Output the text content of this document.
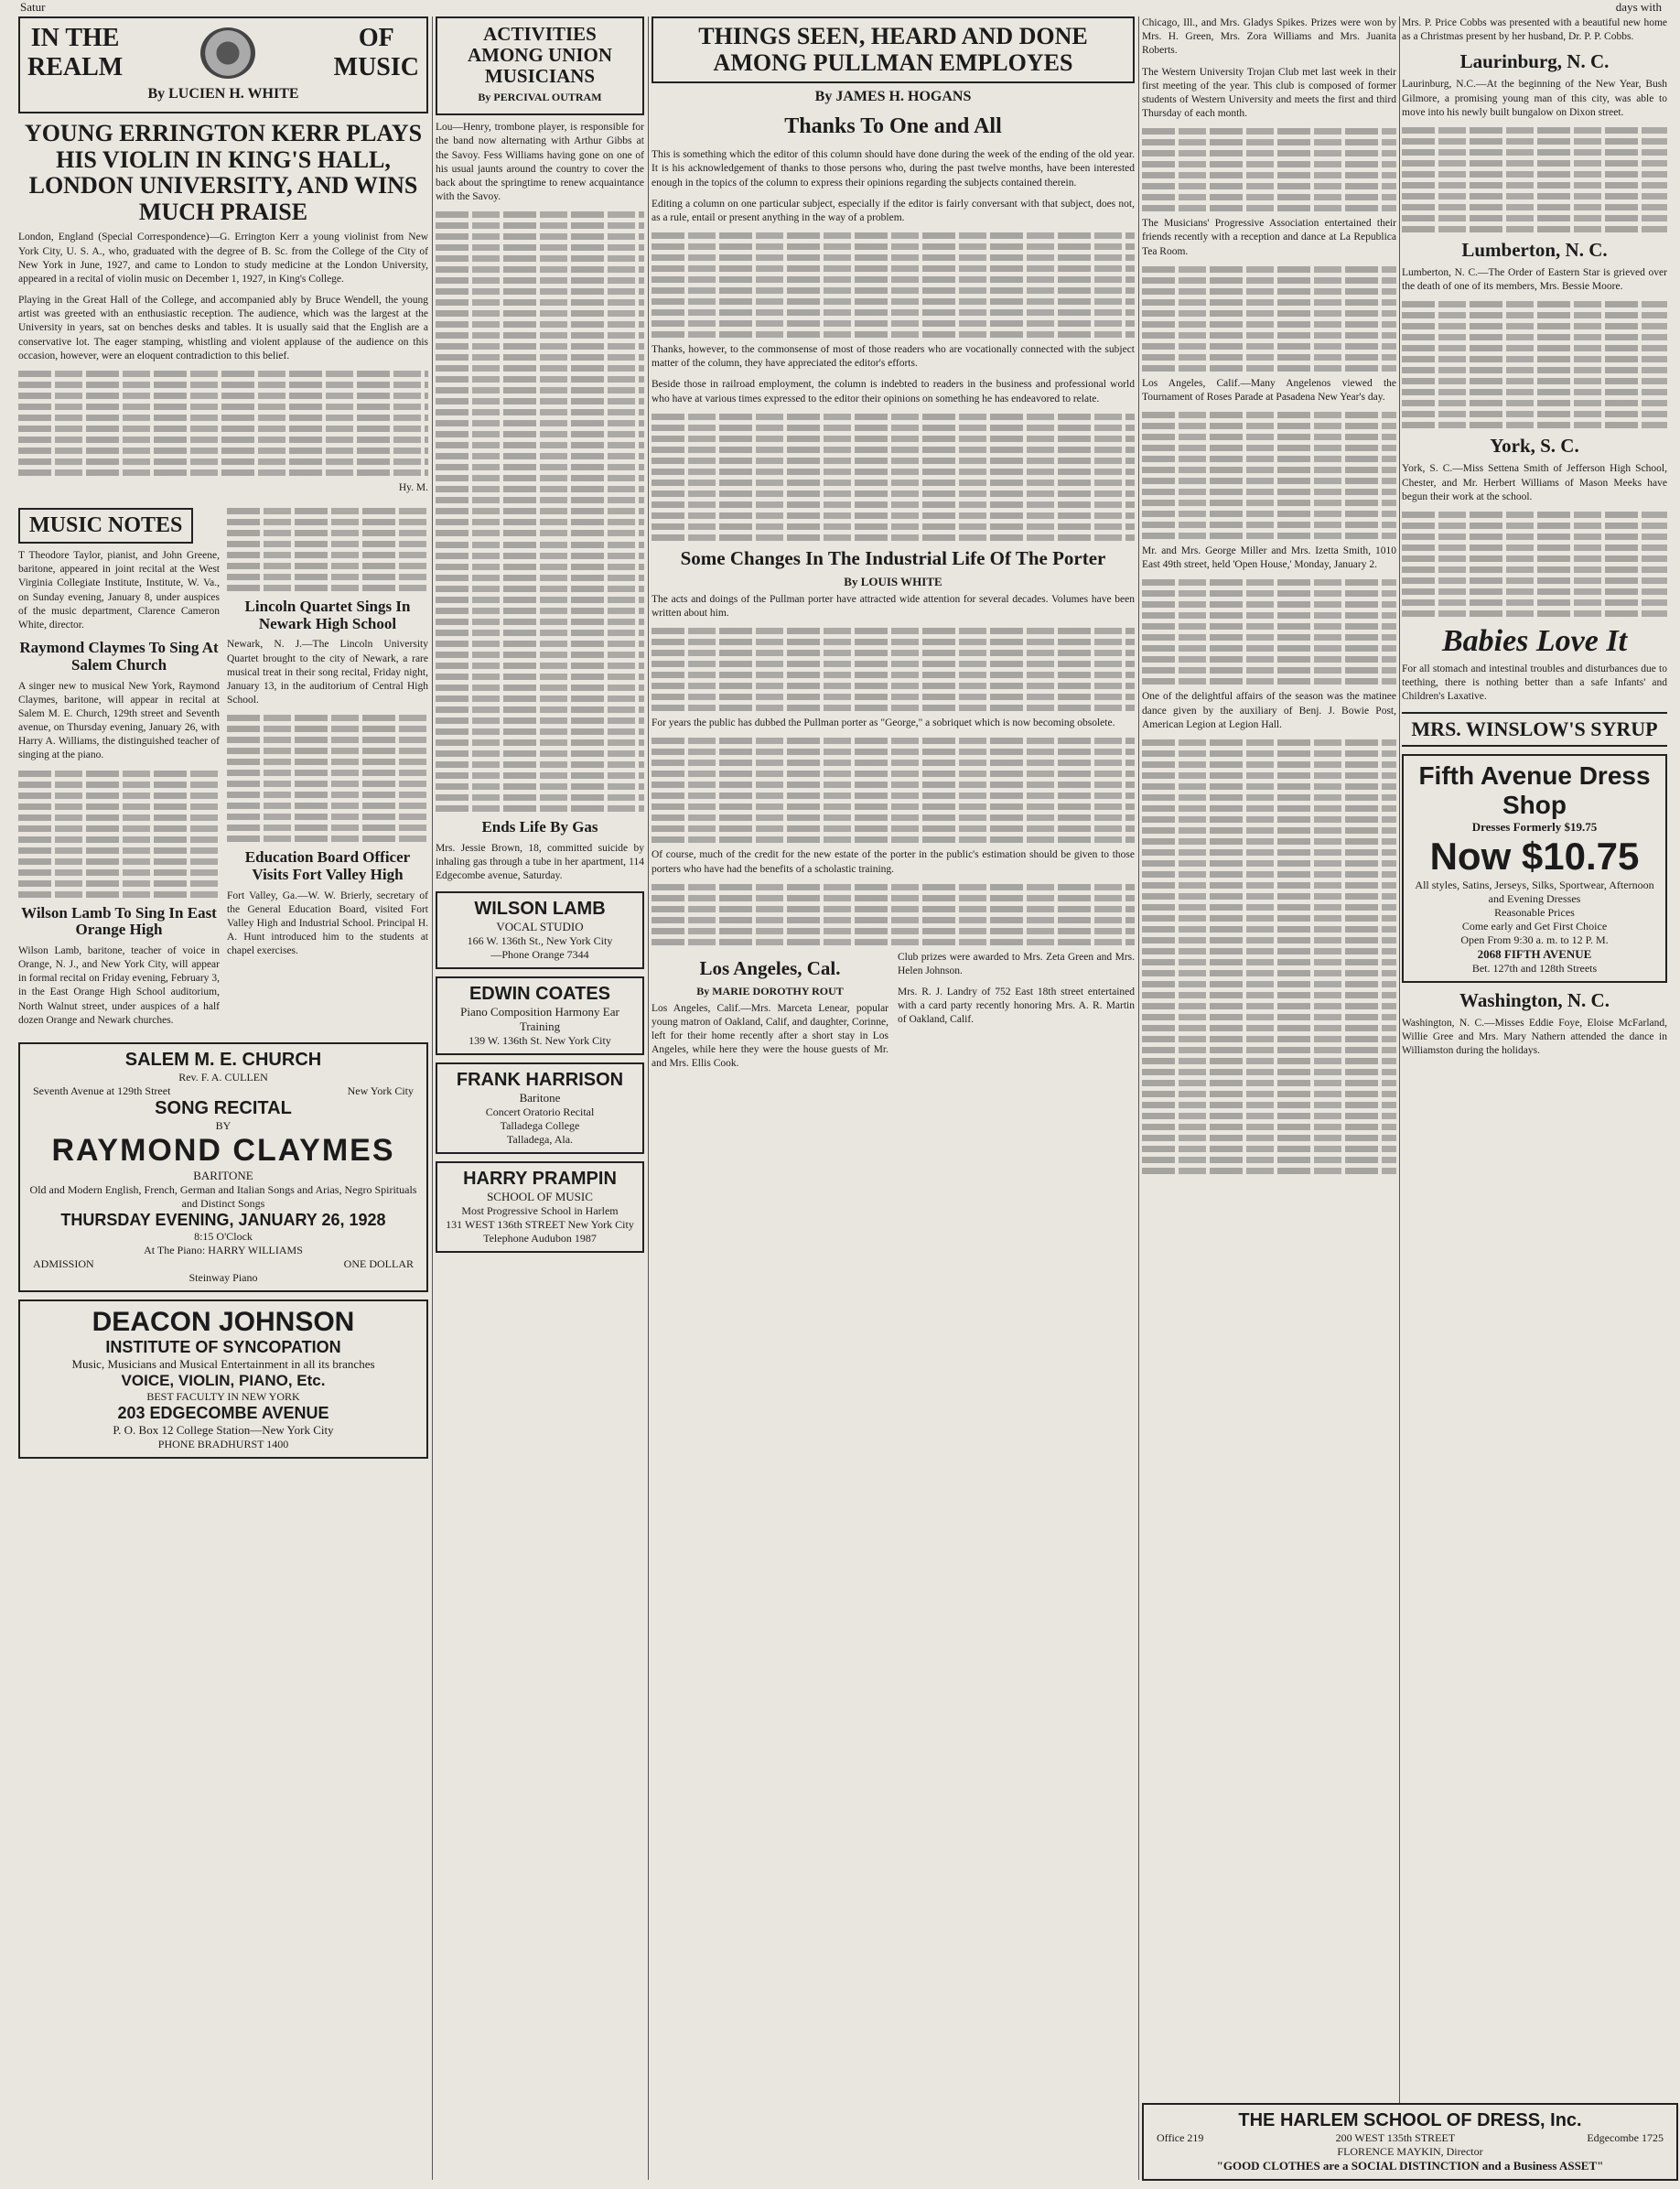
IN THE
REALM
OF
MUSIC
By LUCIEN H. WHITE
YOUNG ERRINGTON KERR PLAYS HIS VIOLIN IN KING'S HALL, LONDON UNIVERSITY, AND WINS MUCH PRAISE

London, England (Special Correspondence)—G. Errington Kerr a young violinist from New York City, U. S. A., who, graduated with the degree of B. Sc. from the College of the City of New York in June, 1927, and came to London to study medicine at the London University, appeared in a recital of violin music on December 1, 1927, in King's College.

Playing in the Great Hall of the College, and accompanied ably by Bruce Wendell, the young artist was greeted with an enthusiastic reception. The audience, which was the largest at the University in years, sat on benches desks and tables. It is usually said that the English are a conservative lot. The eager stamping, whistling and violent applause of the audience on this occasion, however, were an eloquent contradiction to this belief.

Hy. M.
MUSIC NOTES

T Theodore Taylor, pianist, and John Greene, baritone, appeared in joint recital at the West Virginia Collegiate Institute, Institute, W. Va., on Sunday evening, January 8, under auspices of the music department, Clarence Cameron White, director.

Raymond Claymes To Sing At Salem Church

A singer new to musical New York, Raymond Claymes, baritone, will appear in recital at Salem M. E. Church, 129th street and Seventh avenue, on Thursday evening, January 26, with Harry A. Williams, the distinguished teacher of singing at the piano.

Wilson Lamb To Sing In East Orange High

Wilson Lamb, baritone, teacher of voice in Orange, N. J., and New York City, will appear in formal recital on Friday evening, February 3, in the East Orange High School auditorium, North Walnut street, under auspices of a half dozen Orange and Newark churches.

Lincoln Quartet Sings In Newark High School

Newark, N. J.—The Lincoln University Quartet brought to the city of Newark, a rare musical treat in their song recital, Friday night, January 13, in the auditorium of Central High School.

Education Board Officer Visits Fort Valley High

Fort Valley, Ga.—W. W. Brierly, secretary of the General Education Board, visited Fort Valley High and Industrial School. Principal H. A. Hunt introduced him to the students at chapel exercises.

SALEM M. E. CHURCH
Rev. F. A. CULLEN
Seventh Avenue at 129th Street	New York City
SONG RECITAL
BY
RAYMOND CLAYMES
BARITONE
Old and Modern English, French, German and Italian Songs and Arias, Negro Spirituals and Distinct Songs
THURSDAY EVENING, JANUARY 26, 1928
8:15 O'Clock
At The Piano: HARRY WILLIAMS
ADMISSION	ONE DOLLAR
Steinway Piano
DEACON JOHNSON
INSTITUTE OF SYNCOPATION
Music, Musicians and Musical Entertainment in all its branches
VOICE, VIOLIN, PIANO, Etc.
BEST FACULTY IN NEW YORK
203 EDGECOMBE AVENUE
P. O. Box 12 College Station—New York City
PHONE BRADHURST 1400
ACTIVITIES AMONG UNION MUSICIANS
By PERCIVAL OUTRAM

Lou—Henry, trombone player, is responsible for the band now alternating with Arthur Gibbs at the Savoy. Fess Williams having gone on one of his usual jaunts around the country to cover the back about the springtime to renew acquaintance with the Savoy.

Ends Life By Gas

Mrs. Jessie Brown, 18, committed suicide by inhaling gas through a tube in her apartment, 114 Edgecombe avenue, Saturday.

WILSON LAMB
VOCAL STUDIO
166 W. 136th St., New York City
—Phone Orange 7344
EDWIN COATES
Piano Composition Harmony Ear Training
139 W. 136th St. New York City
FRANK HARRISON
Baritone
Concert Oratorio Recital
Talladega College
Talladega, Ala.
HARRY PRAMPIN
SCHOOL OF MUSIC
Most Progressive School in Harlem
131 WEST 136th STREET New York City
Telephone Audubon 1987
THINGS SEEN, HEARD AND DONE AMONG PULLMAN EMPLOYES
By JAMES H. HOGANS
Thanks To One and All

This is something which the editor of this column should have done during the week of the ending of the old year. It is his acknowledgement of thanks to those persons who, during the past twelve months, have been interested enough in the topics of the column to express their opinions regarding the subjects contained therein.

Editing a column on one particular subject, especially if the editor is fairly conversant with that subject, does not, as a rule, entail or present anything in the way of a problem.

Thanks, however, to the commonsense of most of those readers who are vocationally connected with the subject matter of the column, they have appreciated the editor's efforts.

Beside those in railroad employment, the column is indebted to readers in the business and professional world who have at various times expressed to the editor their opinions on something he has endeavored to relate.

Some Changes In The Industrial Life Of The Porter
By LOUIS WHITE

The acts and doings of the Pullman porter have attracted wide attention for several decades. Volumes have been written about him.

For years the public has dubbed the Pullman porter as "George," a sobriquet which is now becoming obsolete.

Of course, much of the credit for the new estate of the porter in the public's estimation should be given to those porters who have had the benefits of a scholastic training.

Los Angeles, Cal.
By MARIE DOROTHY ROUT

Los Angeles, Calif.—Mrs. Marceta Lenear, popular young matron of Oakland, Calif, and daughter, Corinne, left for their home recently after a short stay in Los Angeles, while here they were the house guests of Mr. and Mrs. Ellis Cook.

Club prizes were awarded to Mrs. Zeta Green and Mrs. Helen Johnson.

Mrs. R. J. Landry of 752 East 18th street entertained with a card party recently honoring Mrs. A. R. Martin of Oakland, Calif.

Chicago, Ill., and Mrs. Gladys Spikes. Prizes were won by Mrs. H. Green, Mrs. Zora Williams and Mrs. Juanita Roberts.

The Western University Trojan Club met last week in their first meeting of the year. This club is composed of former students of Western University and meets the first and third Thursday of each month.

The Musicians' Progressive Association entertained their friends recently with a reception and dance at La Republica Tea Room.

Los Angeles, Calif.—Many Angelenos viewed the Tournament of Roses Parade at Pasadena New Year's day.

Mr. and Mrs. George Miller and Mrs. Izetta Smith, 1010 East 49th street, held 'Open House,' Monday, January 2.

One of the delightful affairs of the season was the matinee dance given by the auxiliary of Benj. J. Bowie Post, American Legion at Legion Hall.

Mrs. P. Price Cobbs was presented with a beautiful new home as a Christmas present by her husband, Dr. P. P. Cobbs.

Laurinburg, N. C.

Laurinburg, N.C.—At the beginning of the New Year, Bush Gilmore, a promising young man of this city, was able to move into his newly built bungalow on Dixon street.

Lumberton, N. C.

Lumberton, N. C.—The Order of Eastern Star is grieved over the death of one of its members, Mrs. Bessie Moore.

York, S. C.

York, S. C.—Miss Settena Smith of Jefferson High School, Chester, and Mr. Herbert Williams of Mason Meeks have begun their work at the school.

Babies Love It

For all stomach and intestinal troubles and disturbances due to teething, there is nothing better than a safe Infants' and Children's Laxative.

MRS. WINSLOW'S SYRUP
Fifth Avenue Dress Shop
Dresses Formerly $19.75
Now $10.75
All styles, Satins, Jerseys, Silks, Sportwear, Afternoon and Evening Dresses
Reasonable Prices
Come early and Get First Choice
Open From 9:30 a. m. to 12 P. M.
2068 FIFTH AVENUE
Bet. 127th and 128th Streets
Washington, N. C.

Washington, N. C.—Misses Eddie Foye, Eloise McFarland, Willie Gree and Mrs. Mary Nathern attended the dance in Williamston during the holidays.

THE HARLEM SCHOOL OF DRESS, Inc.
Office 219	200 WEST 135th STREET	Edgecombe 1725
FLORENCE MAYKIN, Director
"GOOD CLOTHES are a SOCIAL DISTINCTION and a Business ASSET"
Satur	days with
